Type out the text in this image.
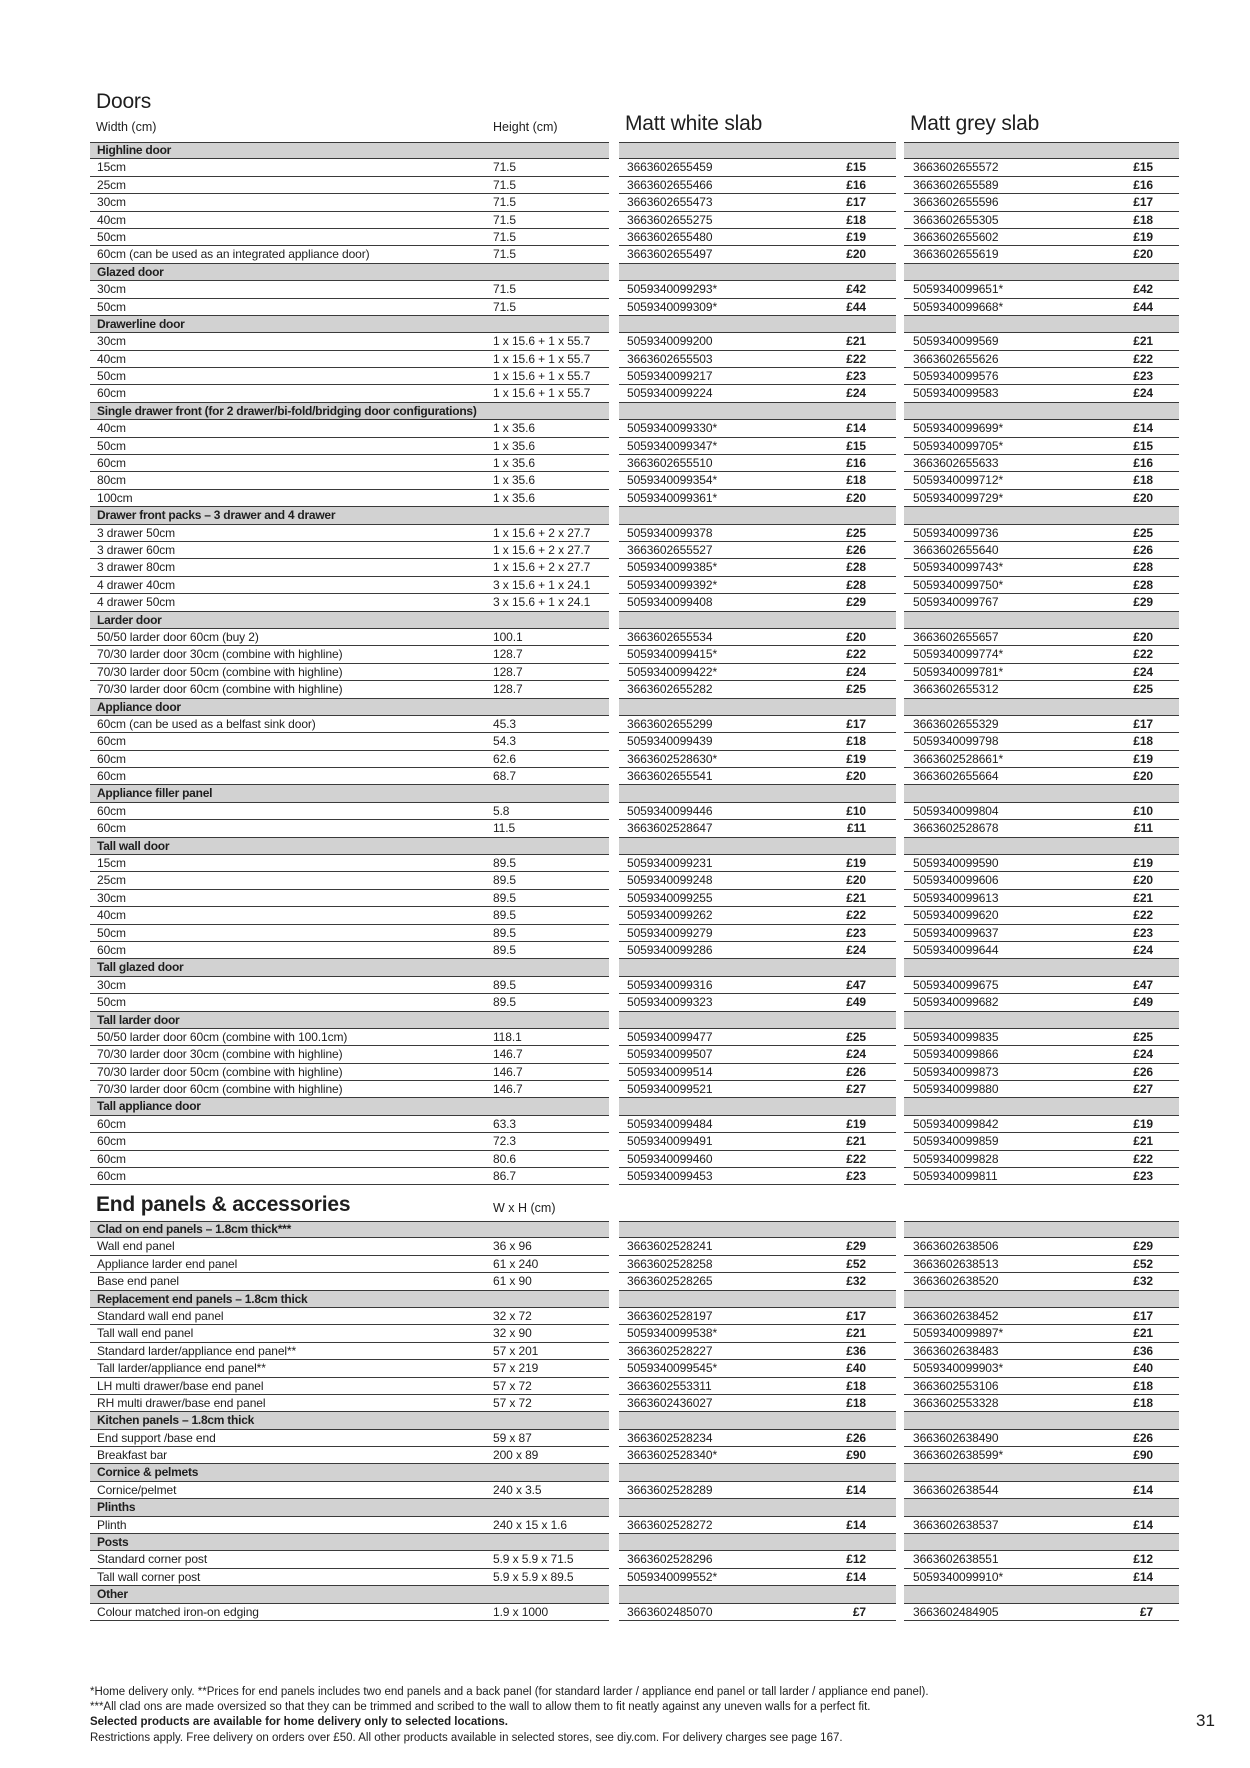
Doors
Width (cm)	Height (cm)	Matt white slab	Matt grey slab
Highline door
15cm	71.5	3663602655459	£15	3663602655572	£15
25cm	71.5	3663602655466	£16	3663602655589	£16
30cm	71.5	3663602655473	£17	3663602655596	£17
40cm	71.5	3663602655275	£18	3663602655305	£18
50cm	71.5	3663602655480	£19	3663602655602	£19
60cm (can be used as an integrated appliance door)	71.5	3663602655497	£20	3663602655619	£20
Glazed door
30cm	71.5	5059340099293*	£42	5059340099651*	£42
50cm	71.5	5059340099309*	£44	5059340099668*	£44
Drawerline door
30cm	1 x 15.6 + 1 x 55.7	5059340099200	£21	5059340099569	£21
40cm	1 x 15.6 + 1 x 55.7	3663602655503	£22	3663602655626	£22
50cm	1 x 15.6 + 1 x 55.7	5059340099217	£23	5059340099576	£23
60cm	1 x 15.6 + 1 x 55.7	5059340099224	£24	5059340099583	£24
Single drawer front (for 2 drawer/bi-fold/bridging door configurations)
40cm	1 x 35.6	5059340099330*	£14	5059340099699*	£14
50cm	1 x 35.6	5059340099347*	£15	5059340099705*	£15
60cm	1 x 35.6	3663602655510	£16	3663602655633	£16
80cm	1 x 35.6	5059340099354*	£18	5059340099712*	£18
100cm	1 x 35.6	5059340099361*	£20	5059340099729*	£20
Drawer front packs – 3 drawer and 4 drawer
3 drawer 50cm	1 x 15.6 + 2 x 27.7	5059340099378	£25	5059340099736	£25
3 drawer 60cm	1 x 15.6 + 2 x 27.7	3663602655527	£26	3663602655640	£26
3 drawer 80cm	1 x 15.6 + 2 x 27.7	5059340099385*	£28	5059340099743*	£28
4 drawer 40cm	3 x 15.6 + 1 x 24.1	5059340099392*	£28	5059340099750*	£28
4 drawer 50cm	3 x 15.6 + 1 x 24.1	5059340099408	£29	5059340099767	£29
Larder door
50/50 larder door 60cm (buy 2)	100.1	3663602655534	£20	3663602655657	£20
70/30 larder door 30cm (combine with highline)	128.7	5059340099415*	£22	5059340099774*	£22
70/30 larder door 50cm (combine with highline)	128.7	5059340099422*	£24	5059340099781*	£24
70/30 larder door 60cm (combine with highline)	128.7	3663602655282	£25	3663602655312	£25
Appliance door
60cm (can be used as a belfast sink door)	45.3	3663602655299	£17	3663602655329	£17
60cm	54.3	5059340099439	£18	5059340099798	£18
60cm	62.6	3663602528630*	£19	3663602528661*	£19
60cm	68.7	3663602655541	£20	3663602655664	£20
Appliance filler panel
60cm	5.8	5059340099446	£10	5059340099804	£10
60cm	11.5	3663602528647	£11	3663602528678	£11
Tall wall door
15cm	89.5	5059340099231	£19	5059340099590	£19
25cm	89.5	5059340099248	£20	5059340099606	£20
30cm	89.5	5059340099255	£21	5059340099613	£21
40cm	89.5	5059340099262	£22	5059340099620	£22
50cm	89.5	5059340099279	£23	5059340099637	£23
60cm	89.5	5059340099286	£24	5059340099644	£24
Tall glazed door
30cm	89.5	5059340099316	£47	5059340099675	£47
50cm	89.5	5059340099323	£49	5059340099682	£49
Tall larder door
50/50 larder door 60cm (combine with 100.1cm)	118.1	5059340099477	£25	5059340099835	£25
70/30 larder door 30cm (combine with highline)	146.7	5059340099507	£24	5059340099866	£24
70/30 larder door 50cm (combine with highline)	146.7	5059340099514	£26	5059340099873	£26
70/30 larder door 60cm (combine with highline)	146.7	5059340099521	£27	5059340099880	£27
Tall appliance door
60cm	63.3	5059340099484	£19	5059340099842	£19
60cm	72.3	5059340099491	£21	5059340099859	£21
60cm	80.6	5059340099460	£22	5059340099828	£22
60cm	86.7	5059340099453	£23	5059340099811	£23
End panels & accessories	W x H (cm)
Clad on end panels – 1.8cm thick***
Wall end panel	36 x 96	3663602528241	£29	3663602638506	£29
Appliance larder end panel	61 x 240	3663602528258	£52	3663602638513	£52
Base end panel	61 x 90	3663602528265	£32	3663602638520	£32
Replacement end panels – 1.8cm thick
Standard wall end panel	32 x 72	3663602528197	£17	3663602638452	£17
Tall wall end panel	32 x 90	5059340099538*	£21	5059340099897*	£21
Standard larder/appliance end panel**	57 x 201	3663602528227	£36	3663602638483	£36
Tall larder/appliance end panel**	57 x 219	5059340099545*	£40	5059340099903*	£40
LH multi drawer/base end panel	57 x 72	3663602553311	£18	3663602553106	£18
RH multi drawer/base end panel	57 x 72	3663602436027	£18	3663602553328	£18
Kitchen panels – 1.8cm thick
End support /base end	59 x 87	3663602528234	£26	3663602638490	£26
Breakfast bar	200 x 89	3663602528340*	£90	3663602638599*	£90
Cornice & pelmets
Cornice/pelmet	240 x 3.5	3663602528289	£14	3663602638544	£14
Plinths
Plinth	240 x 15 x 1.6	3663602528272	£14	3663602638537	£14
Posts
Standard corner post	5.9 x 5.9 x 71.5	3663602528296	£12	3663602638551	£12
Tall wall corner post	5.9 x 5.9 x 89.5	5059340099552*	£14	5059340099910*	£14
Other
Colour matched iron-on edging	1.9 x 1000	3663602485070	£7	3663602484905	£7
*Home delivery only. **Prices for end panels includes two end panels and a back panel (for standard larder / appliance end panel or tall larder / appliance end panel).
***All clad ons are made oversized so that they can be trimmed and scribed to the wall to allow them to fit neatly against any uneven walls for a perfect fit.
Selected products are available for home delivery only to selected locations.
Restrictions apply. Free delivery on orders over £50. All other products available in selected stores, see diy.com. For delivery charges see page 167.
31
